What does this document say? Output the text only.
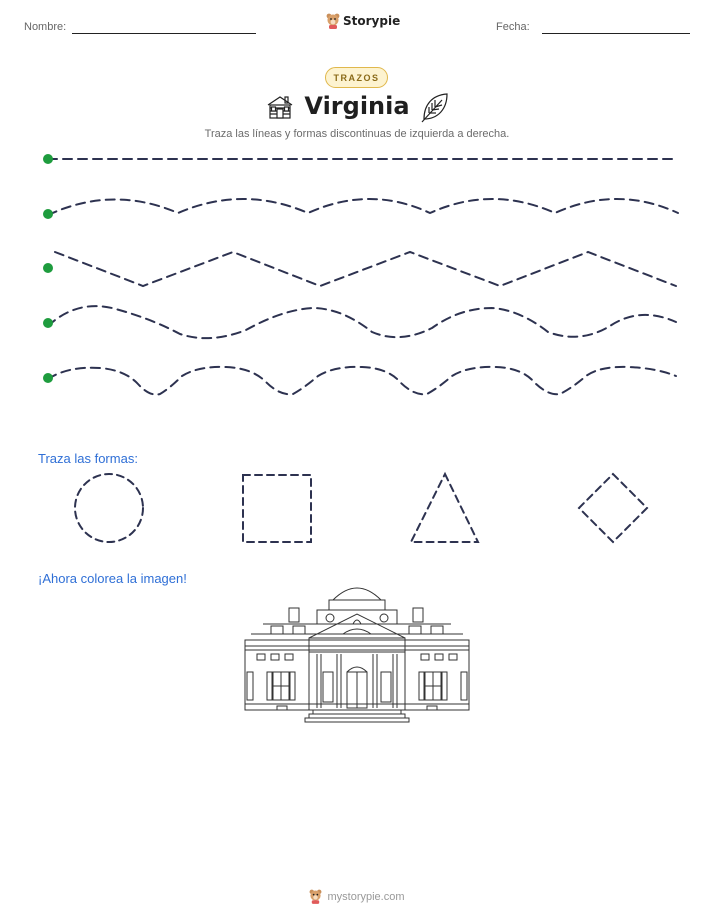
Nombre:	Storypie	Fecha:
TRAZOS
Virginia
Traza las líneas y formas discontinuas de izquierda a derecha.
Traza las formas:
¡Ahora colorea la imagen!
mystorypie.com
